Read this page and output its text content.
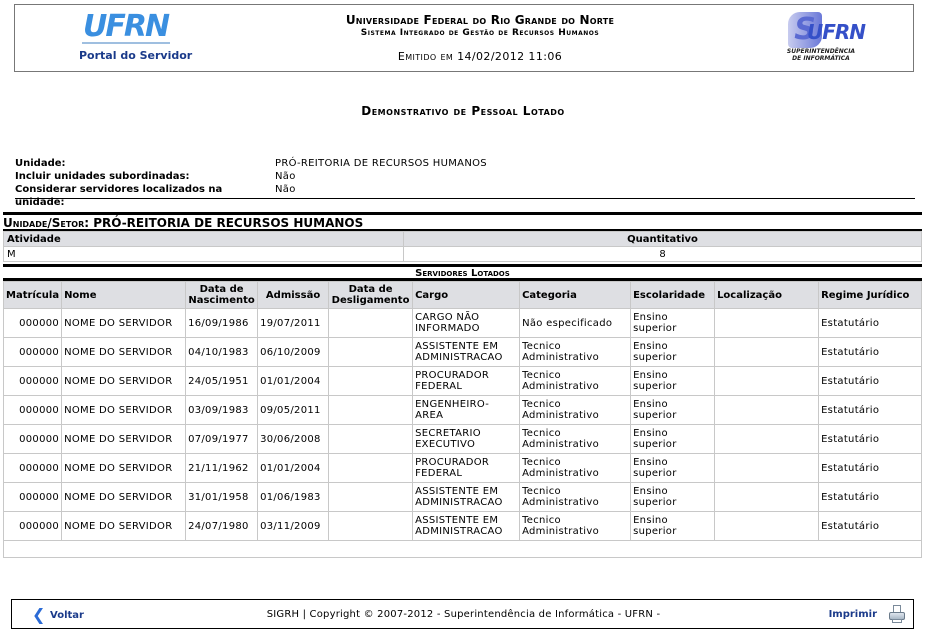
UFRN
Portal do Servidor
Universidade Federal do Rio Grande do Norte
Sistema Integrado de Gestão de Recursos Humanos
Emitido em 14/02/2012 11:06
S
UFRN
SUPERINTENDÊNCIA
DE INFORMÁTICA
Demonstrativo de Pessoal Lotado
Unidade:	PRÓ-REITORIA DE RECURSOS HUMANOS
Incluir unidades subordinadas:	Não
Considerar servidores localizados na unidade:
Não
Unidade/Setor: PRÓ-REITORIA DE RECURSOS HUMANOS
Atividade	Quantitativo
M	8
Servidores Lotados
Matrícula	Nome	Data de Nascimento	Admissão	Data de Desligamento	Cargo	Categoria	Escolaridade	Localização	Regime Jurídico
000000	NOME DO SERVIDOR	16/09/1986	19/07/2011		CARGO NÃO INFORMADO	Não especificado	Ensino superior		Estatutário
000000	NOME DO SERVIDOR	04/10/1983	06/10/2009		ASSISTENTE EM ADMINISTRACAO	Tecnico Administrativo	Ensino superior		Estatutário
000000	NOME DO SERVIDOR	24/05/1951	01/01/2004		PROCURADOR FEDERAL	Tecnico Administrativo	Ensino superior		Estatutário
000000	NOME DO SERVIDOR	03/09/1983	09/05/2011		ENGENHEIRO-AREA	Tecnico Administrativo	Ensino superior		Estatutário
000000	NOME DO SERVIDOR	07/09/1977	30/06/2008		SECRETARIO EXECUTIVO	Tecnico Administrativo	Ensino superior		Estatutário
000000	NOME DO SERVIDOR	21/11/1962	01/01/2004		PROCURADOR FEDERAL	Tecnico Administrativo	Ensino superior		Estatutário
000000	NOME DO SERVIDOR	31/01/1958	01/06/1983		ASSISTENTE EM ADMINISTRACAO	Tecnico Administrativo	Ensino superior		Estatutário
000000	NOME DO SERVIDOR	24/07/1980	03/11/2009		ASSISTENTE EM ADMINISTRACAO	Tecnico Administrativo	Ensino superior		Estatutário

❮ Voltar	SIGRH | Copyright © 2007-2012 - Superintendência de Informática - UFRN -	Imprimir
